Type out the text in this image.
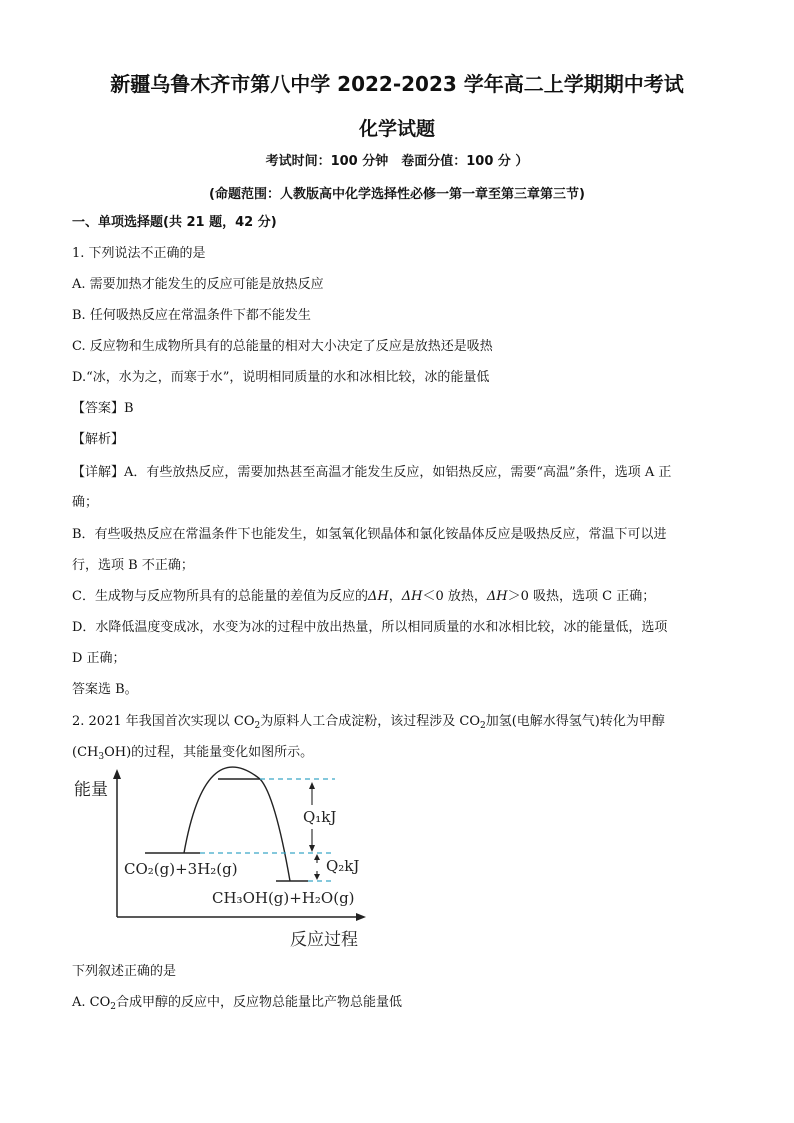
新疆乌鲁木齐市第八中学 2022-2023 学年高二上学期期中考试
化学试题
考试时间：100 分钟　卷面分值：100 分 ）
(命题范围：人教版高中化学选择性必修一第一章至第三章第三节)
一、单项选择题(共 21 题，42 分)
1. 下列说法不正确的是
A. 需要加热才能发生的反应可能是放热反应
B. 任何吸热反应在常温条件下都不能发生
C. 反应物和生成物所具有的总能量的相对大小决定了反应是放热还是吸热
D.“冰，水为之，而寒于水”，说明相同质量的水和冰相比较，冰的能量低
【答案】B
【解析】
【详解】A．有些放热反应，需要加热甚至高温才能发生反应，如铝热反应，需要“高温”条件，选项 A 正
确；
B．有些吸热反应在常温条件下也能发生，如氢氧化钡晶体和氯化铵晶体反应是吸热反应，常温下可以进
行，选项 B 不正确；
C．生成物与反应物所具有的总能量的差值为反应的ΔH，ΔH＜0 放热，ΔH＞0 吸热，选项 C 正确；
D．水降低温度变成冰，水变为冰的过程中放出热量，所以相同质量的水和冰相比较，冰的能量低，选项
D 正确；
答案选 B。
2. 2021 年我国首次实现以 $CO_2$为原料人工合成淀粉，该过程涉及 $CO_2$加氢(电解水得氢气)转化为甲醇
$(CH_3OH)$的过程，其能量变化如图所示。
能量
反应过程
Q₁kJ
Q₂kJ
CO₂(g)+3H₂(g)
CH₃OH(g)+H₂O(g)
下列叙述正确的是
A. $CO_2$合成甲醇的反应中，反应物总能量比产物总能量低
